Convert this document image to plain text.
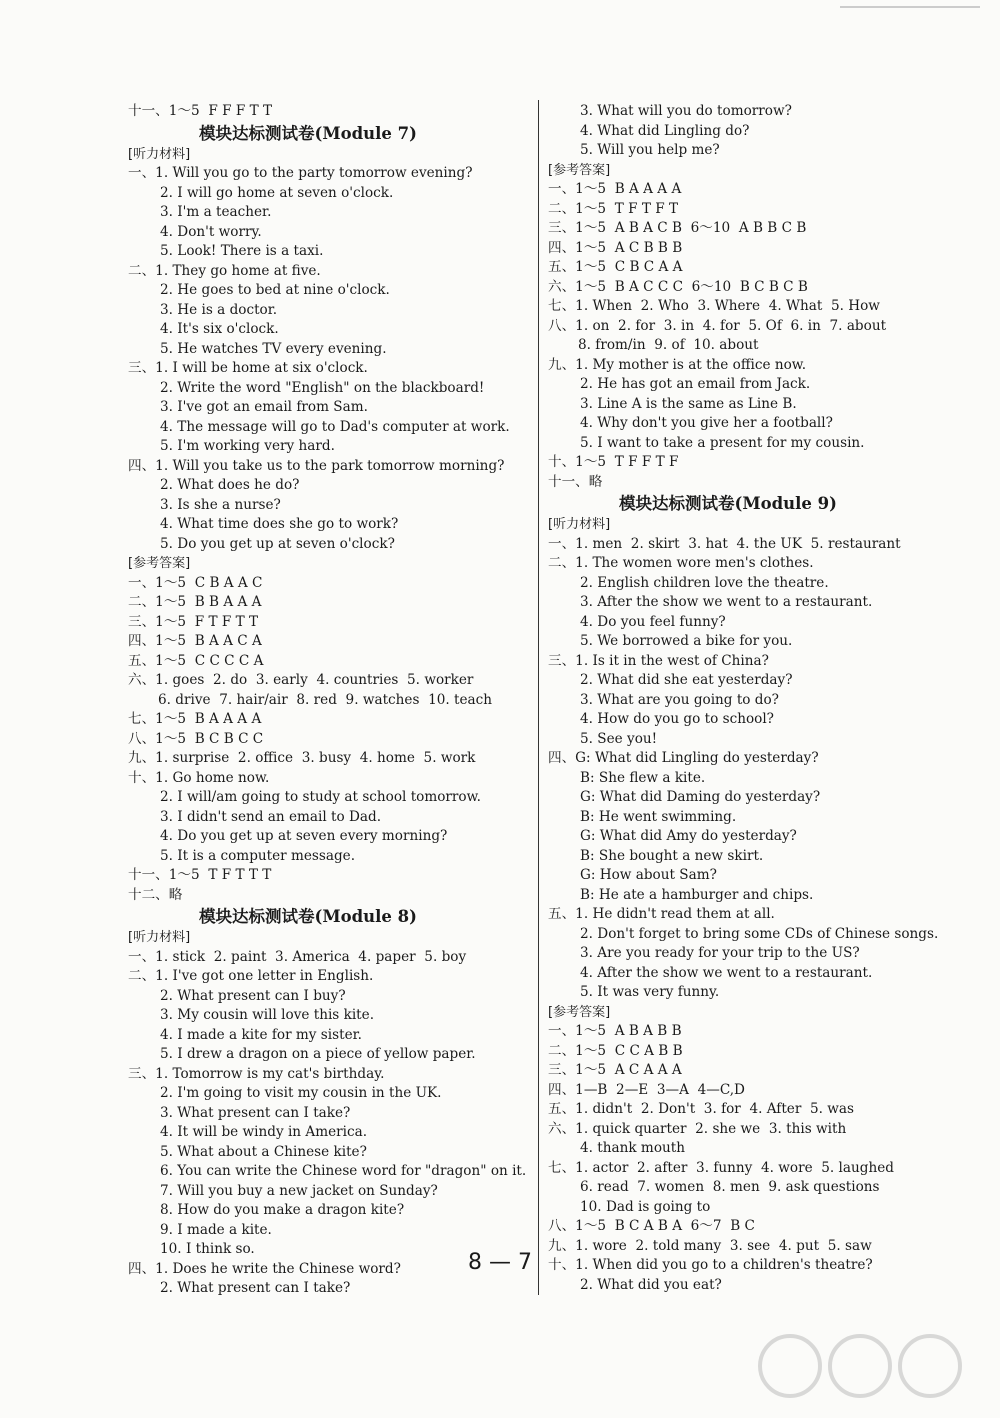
十一、1～5  F F F T T
模块达标测试卷(Module 7)
[听力材料]
一、1. Will you go to the party tomorrow evening?
2. I will go home at seven o'clock.
3. I'm a teacher.
4. Don't worry.
5. Look! There is a taxi.
二、1. They go home at five.
2. He goes to bed at nine o'clock.
3. He is a doctor.
4. It's six o'clock.
5. He watches TV every evening.
三、1. I will be home at six o'clock.
2. Write the word "English" on the blackboard!
3. I've got an email from Sam.
4. The message will go to Dad's computer at work.
5. I'm working very hard.
四、1. Will you take us to the park tomorrow morning?
2. What does he do?
3. Is she a nurse?
4. What time does she go to work?
5. Do you get up at seven o'clock?
[参考答案]
一、1～5  C B A A C
二、1～5  B B A A A
三、1～5  F T F T T
四、1～5  B A A C A
五、1～5  C C C C A
六、1. goes  2. do  3. early  4. countries  5. worker
6. drive  7. hair/air  8. red  9. watches  10. teach
七、1～5  B A A A A
八、1～5  B C B C C
九、1. surprise  2. office  3. busy  4. home  5. work
十、1. Go home now.
2. I will/am going to study at school tomorrow.
3. I didn't send an email to Dad.
4. Do you get up at seven every morning?
5. It is a computer message.
十一、1～5  T F T T T
十二、略
模块达标测试卷(Module 8)
[听力材料]
一、1. stick  2. paint  3. America  4. paper  5. boy
二、1. I've got one letter in English.
2. What present can I buy?
3. My cousin will love this kite.
4. I made a kite for my sister.
5. I drew a dragon on a piece of yellow paper.
三、1. Tomorrow is my cat's birthday.
2. I'm going to visit my cousin in the UK.
3. What present can I take?
4. It will be windy in America.
5. What about a Chinese kite?
6. You can write the Chinese word for "dragon" on it.
7. Will you buy a new jacket on Sunday?
8. How do you make a dragon kite?
9. I made a kite.
10. I think so.
四、1. Does he write the Chinese word?
2. What present can I take?
3. What will you do tomorrow?
4. What did Lingling do?
5. Will you help me?
[参考答案]
一、1～5  B A A A A
二、1～5  T F T F T
三、1～5  A B A C B  6～10  A B B C B
四、1～5  A C B B B
五、1～5  C B C A A
六、1～5  B A C C C  6～10  B C B C B
七、1. When  2. Who  3. Where  4. What  5. How
八、1. on  2. for  3. in  4. for  5. Of  6. in  7. about
8. from/in  9. of  10. about
九、1. My mother is at the office now.
2. He has got an email from Jack.
3. Line A is the same as Line B.
4. Why don't you give her a football?
5. I want to take a present for my cousin.
十、1～5  T F F T F
十一、略
模块达标测试卷(Module 9)
[听力材料]
一、1. men  2. skirt  3. hat  4. the UK  5. restaurant
二、1. The women wore men's clothes.
2. English children love the theatre.
3. After the show we went to a restaurant.
4. Do you feel funny?
5. We borrowed a bike for you.
三、1. Is it in the west of China?
2. What did she eat yesterday?
3. What are you going to do?
4. How do you go to school?
5. See you!
四、G: What did Lingling do yesterday?
B: She flew a kite.
G: What did Daming do yesterday?
B: He went swimming.
G: What did Amy do yesterday?
B: She bought a new skirt.
G: How about Sam?
B: He ate a hamburger and chips.
五、1. He didn't read them at all.
2. Don't forget to bring some CDs of Chinese songs.
3. Are you ready for your trip to the US?
4. After the show we went to a restaurant.
5. It was very funny.
[参考答案]
一、1～5  A B A B B
二、1～5  C C A B B
三、1～5  A C A A A
四、1—B  2—E  3—A  4—C,D
五、1. didn't  2. Don't  3. for  4. After  5. was
六、1. quick quarter  2. she we  3. this with
4. thank mouth
七、1. actor  2. after  3. funny  4. wore  5. laughed
6. read  7. women  8. men  9. ask questions
10. Dad is going to
八、1～5  B C A B A  6～7  B C
九、1. wore  2. told many  3. see  4. put  5. saw
十、1. When did you go to a children's theatre?
2. What did you eat?
8 — 7
